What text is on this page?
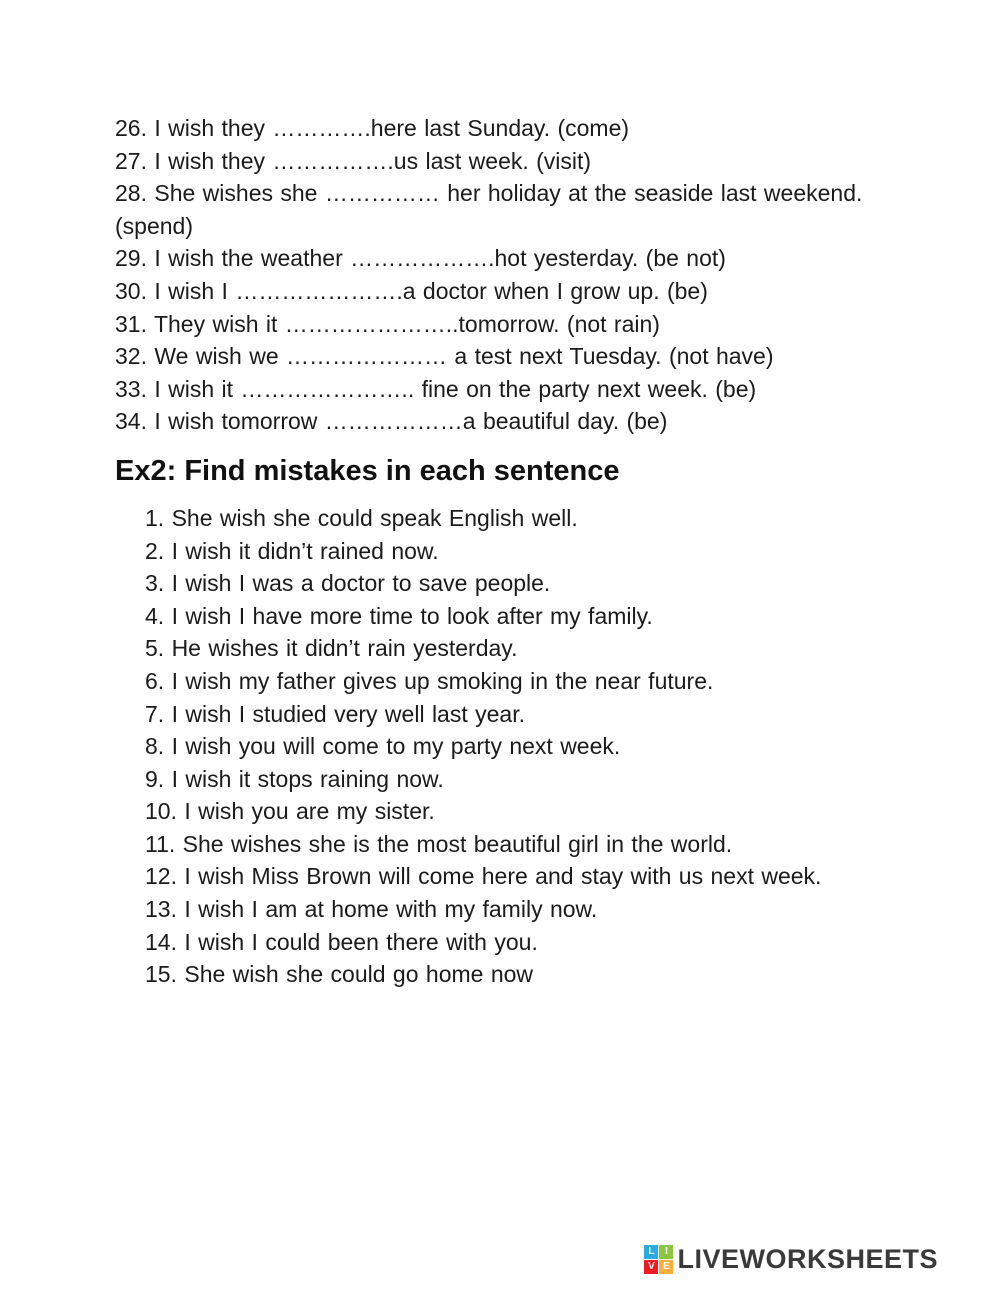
26. I wish they ………….here last Sunday. (come)

27. I wish they …………….us last week. (visit)

28. She wishes she …………… her holiday at the seaside last weekend. (spend)

29. I wish the weather ……………….hot yesterday. (be not)

30. I wish I ………………….a doctor when I grow up. (be)

31. They wish it …………………..tomorrow. (not rain)

32. We wish we ………………… a test next Tuesday. (not have)

33. I wish it ………………….. fine on the party next week. (be)

34. I wish tomorrow ………………a beautiful day. (be)

Ex2: Find mistakes in each sentence

1. She wish she could speak English well.

2. I wish it didn’t rained now.

3. I wish I was a doctor to save people.

4. I wish I have more time to look after my family.

5. He wishes it didn’t rain yesterday.

6. I wish my father gives up smoking in the near future.

7. I wish I studied very well last year.

8. I wish you will come to my party next week.

9. I wish it stops raining now.

10. I wish you are my sister.

11. She wishes she is the most beautiful girl in the world.

12. I wish Miss Brown will come here and stay with us next week.

13. I wish I am at home with my family now.

14. I wish I could been there with you.

15. She wish she could go home now

L	I
V E LIVEWORKSHEETS
